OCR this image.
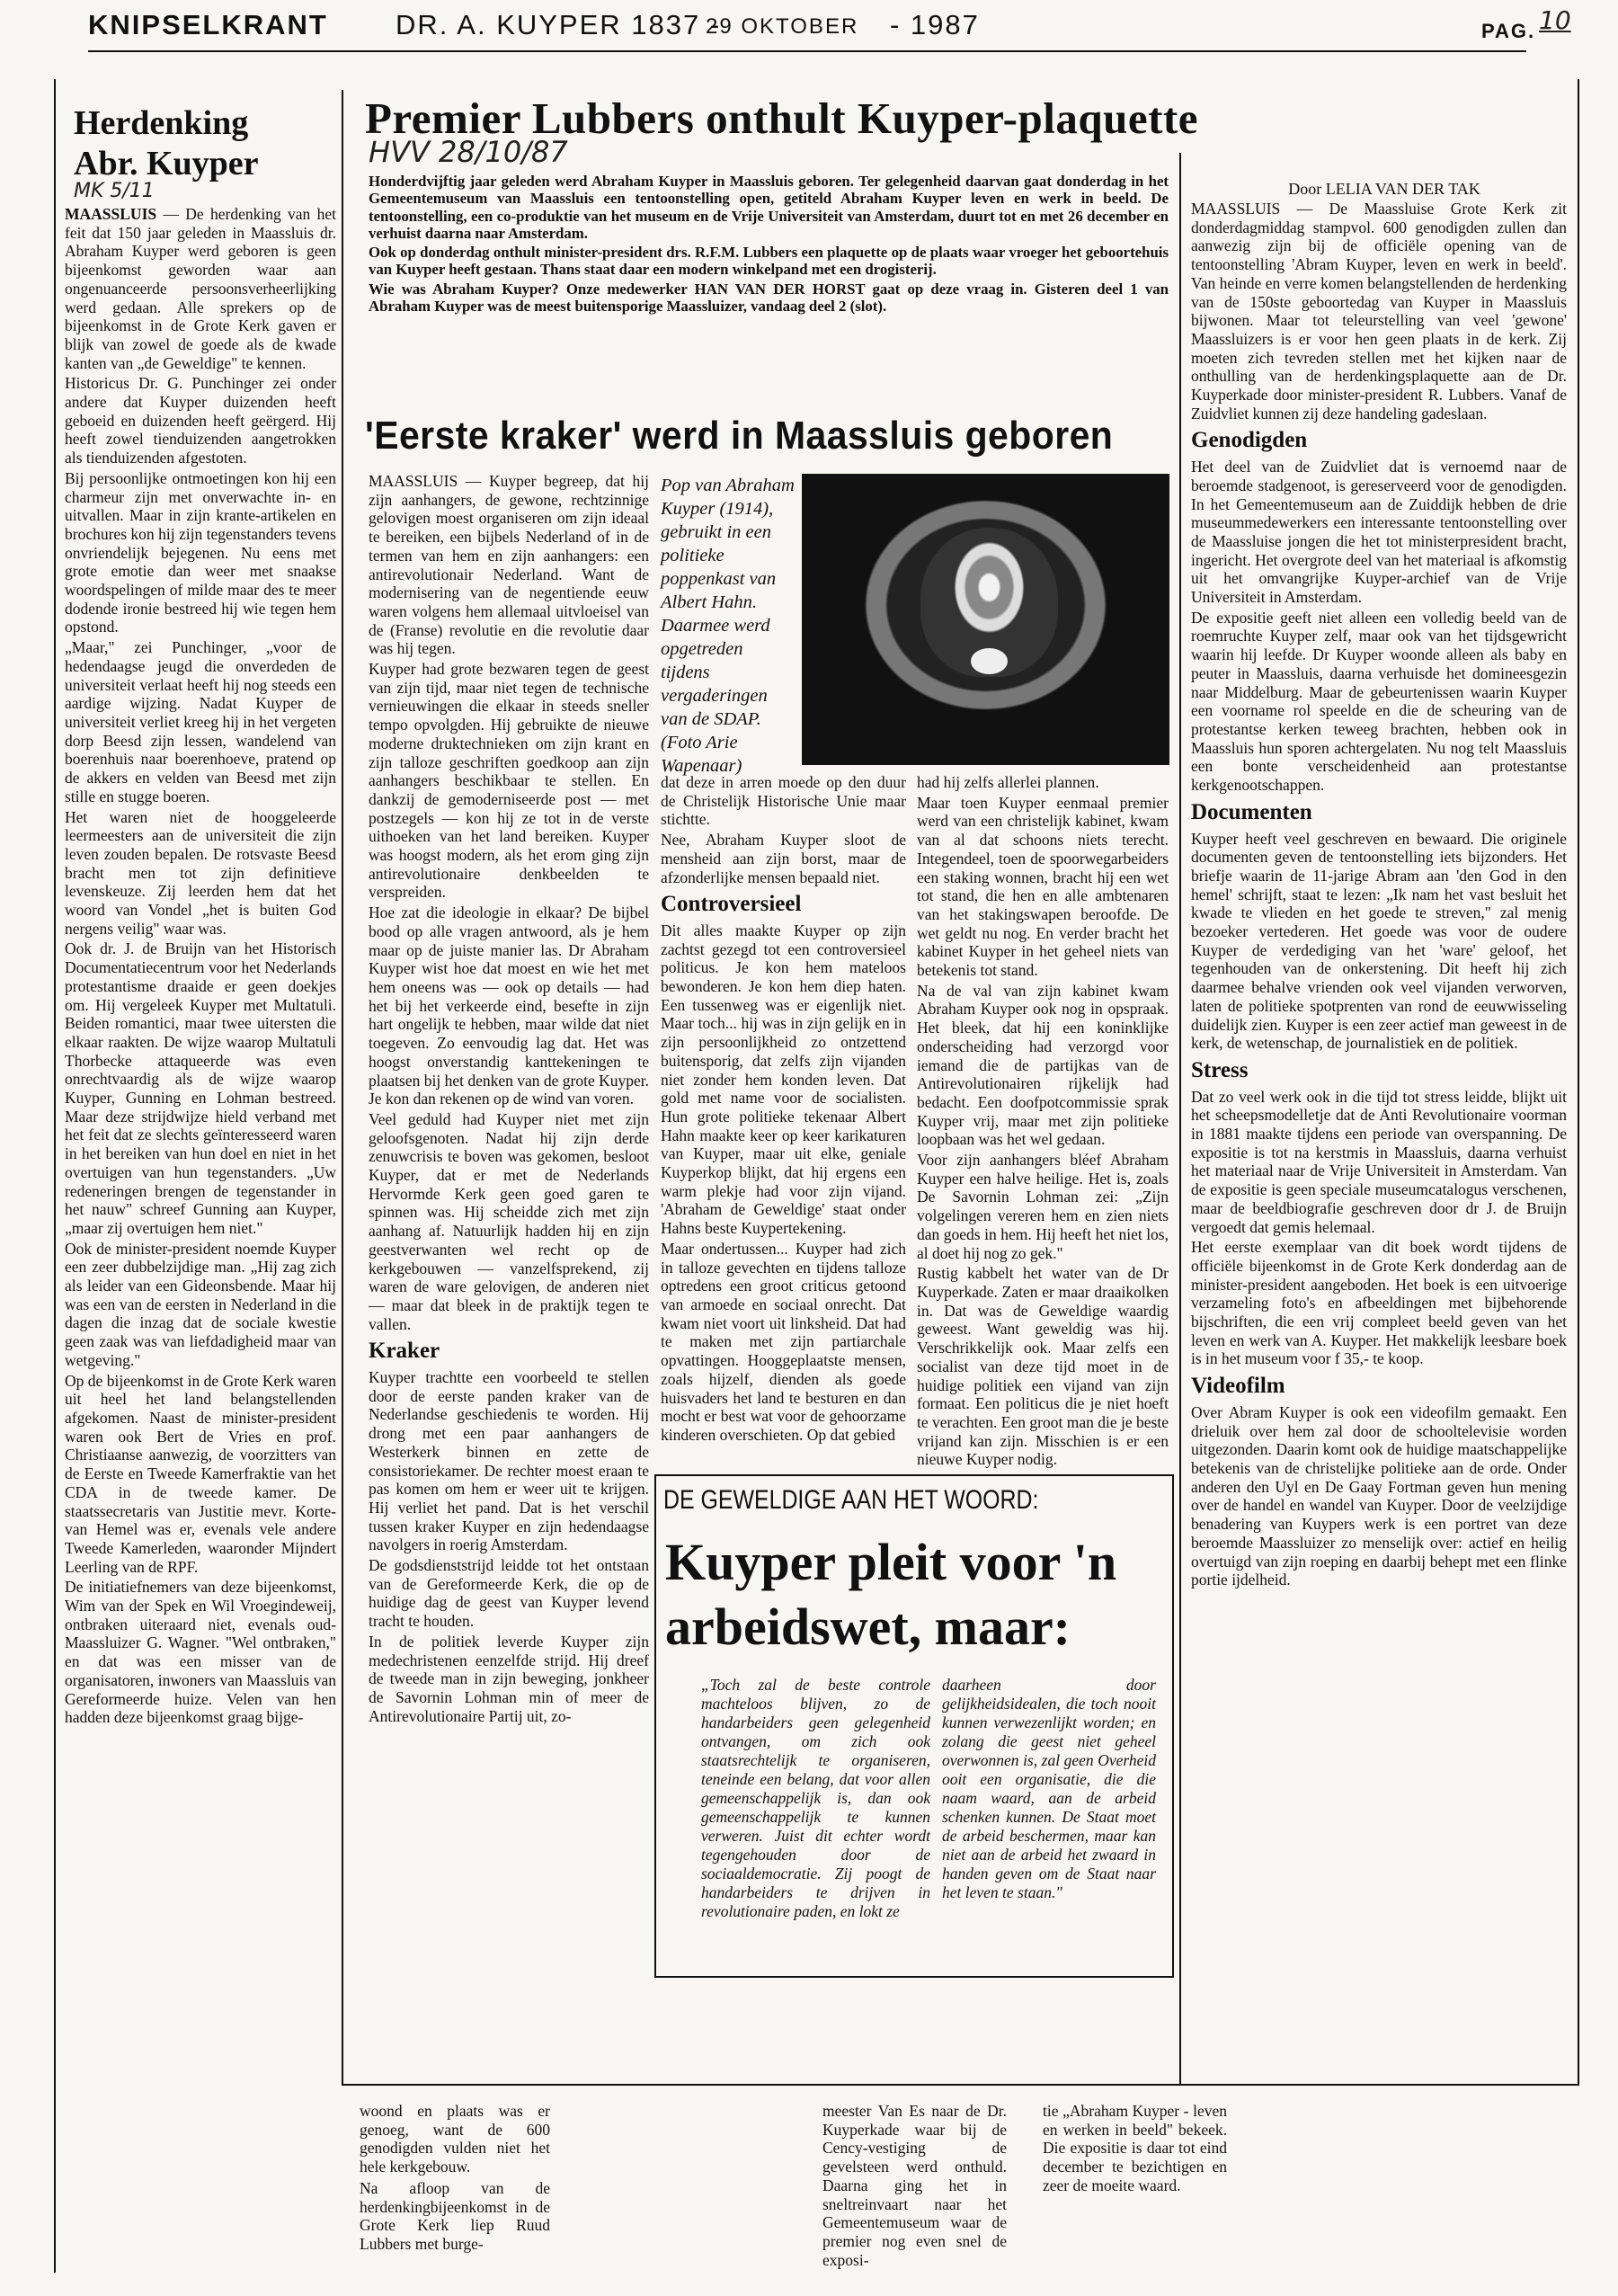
KNIPSELKRANT DR. A. KUYPER 1837 -
29 OKTOBER - 1987	PAG. 10
Herdenking
Abr. Kuyper
MK 5/11

MAASSLUIS — De herdenking van het feit dat 150 jaar geleden in Maassluis dr. Abraham Kuyper werd geboren is geen bijeenkomst geworden waar aan ongenuanceerde persoonsverheerlijking werd gedaan. Alle sprekers op de bijeenkomst in de Grote Kerk gaven er blijk van zowel de goede als de kwade kanten van „de Geweldige" te kennen.

Historicus Dr. G. Punchinger zei onder andere dat Kuyper duizenden heeft geboeid en duizenden heeft geërgerd. Hij heeft zowel tienduizenden aangetrokken als tienduizenden afgestoten.

Bij persoonlijke ontmoetingen kon hij een charmeur zijn met onverwachte in- en uitvallen. Maar in zijn krante-artikelen en brochures kon hij zijn tegenstanders tevens onvriendelijk bejegenen. Nu eens met grote emotie dan weer met snaakse woordspelingen of milde maar des te meer dodende ironie bestreed hij wie tegen hem opstond.

„Maar," zei Punchinger, „voor de hedendaagse jeugd die onverdeden de universiteit verlaat heeft hij nog steeds een aardige wijzing. Nadat Kuyper de universiteit verliet kreeg hij in het vergeten dorp Beesd zijn lessen, wandelend van boerenhuis naar boerenhoeve, pratend op de akkers en velden van Beesd met zijn stille en stugge boeren.

Het waren niet de hooggeleerde leermeesters aan de universiteit die zijn leven zouden bepalen. De rotsvaste Beesd bracht men tot zijn definitieve levenskeuze. Zij leerden hem dat het woord van Vondel „het is buiten God nergens veilig" waar was.

Ook dr. J. de Bruijn van het Historisch Documentatiecentrum voor het Nederlands protestantisme draaide er geen doekjes om. Hij vergeleek Kuyper met Multatuli. Beiden romantici, maar twee uitersten die elkaar raakten. De wijze waarop Multatuli Thorbecke attaqueerde was even onrechtvaardig als de wijze waarop Kuyper, Gunning en Lohman bestreed. Maar deze strijdwijze hield verband met het feit dat ze slechts geïnteresseerd waren in het bereiken van hun doel en niet in het overtuigen van hun tegenstanders. „Uw redeneringen brengen de tegenstander in het nauw" schreef Gunning aan Kuyper, „maar zij overtuigen hem niet."

Ook de minister-president noemde Kuyper een zeer dubbelzijdige man. „Hij zag zich als leider van een Gideonsbende. Maar hij was een van de eersten in Nederland in die dagen die inzag dat de sociale kwestie geen zaak was van liefdadigheid maar van wetgeving."

Op de bijeenkomst in de Grote Kerk waren uit heel het land belangstellenden afgekomen. Naast de minister-president waren ook Bert de Vries en prof. Christiaanse aanwezig, de voorzitters van de Eerste en Tweede Kamerfraktie van het CDA in de tweede kamer. De staatssecretaris van Justitie mevr. Korte-van Hemel was er, evenals vele andere Tweede Kamerleden, waaronder Mijndert Leerling van de RPF.

De initiatiefnemers van deze bijeenkomst, Wim van der Spek en Wil Vroegindeweij, ontbraken uiteraard niet, evenals oud-Maassluizer G. Wagner. "Wel ontbraken," en dat was een misser van de organisatoren, inwoners van Maassluis van Gereformeerde huize. Velen van hen hadden deze bijeenkomst graag bijge-

Premier Lubbers onthult Kuyper-plaquette
HVV 28/10/87

Honderdvijftig jaar geleden werd Abraham Kuyper in Maassluis geboren. Ter gelegenheid daarvan gaat donderdag in het Gemeentemuseum van Maassluis een tentoonstelling open, getiteld Abraham Kuyper leven en werk in beeld. De tentoonstelling, een co-produktie van het museum en de Vrije Universiteit van Amsterdam, duurt tot en met 26 december en verhuist daarna naar Amsterdam.

Ook op donderdag onthult minister-president drs. R.F.M. Lubbers een plaquette op de plaats waar vroeger het geboortehuis van Kuyper heeft gestaan. Thans staat daar een modern winkelpand met een drogisterij.

Wie was Abraham Kuyper? Onze medewerker HAN VAN DER HORST gaat op deze vraag in. Gisteren deel 1 van Abraham Kuyper was de meest buitensporige Maassluizer, vandaag deel 2 (slot).

'Eerste kraker' werd in Maassluis geboren

MAASSLUIS — Kuyper begreep, dat hij zijn aanhangers, de gewone, rechtzinnige gelovigen moest organiseren om zijn ideaal te bereiken, een bijbels Nederland of in de termen van hem en zijn aanhangers: een antirevolutionair Nederland. Want de modernisering van de negentiende eeuw waren volgens hem allemaal uitvloeisel van de (Franse) revolutie en die revolutie daar was hij tegen.

Kuyper had grote bezwaren tegen de geest van zijn tijd, maar niet tegen de technische vernieuwingen die elkaar in steeds sneller tempo opvolgden. Hij gebruikte de nieuwe moderne druktechnieken om zijn krant en zijn talloze geschriften goedkoop aan zijn aanhangers beschikbaar te stellen. En dankzij de gemoderniseerde post — met postzegels — kon hij ze tot in de verste uithoeken van het land bereiken. Kuyper was hoogst modern, als het erom ging zijn antirevolutionaire denkbeelden te verspreiden.

Hoe zat die ideologie in elkaar? De bijbel bood op alle vragen antwoord, als je hem maar op de juiste manier las. Dr Abraham Kuyper wist hoe dat moest en wie het met hem oneens was — ook op details — had het bij het verkeerde eind, besefte in zijn hart ongelijk te hebben, maar wilde dat niet toegeven. Zo eenvoudig lag dat. Het was hoogst onverstandig kanttekeningen te plaatsen bij het denken van de grote Kuyper. Je kon dan rekenen op de wind van voren.

Veel geduld had Kuyper niet met zijn geloofsgenoten. Nadat hij zijn derde zenuwcrisis te boven was gekomen, besloot Kuyper, dat er met de Nederlands Hervormde Kerk geen goed garen te spinnen was. Hij scheidde zich met zijn aanhang af. Natuurlijk hadden hij en zijn geestverwanten wel recht op de kerkgebouwen — vanzelfsprekend, zij waren de ware gelovigen, de anderen niet — maar dat bleek in de praktijk tegen te vallen.

Kraker

Kuyper trachtte een voorbeeld te stellen door de eerste panden kraker van de Nederlandse geschiedenis te worden. Hij drong met een paar aanhangers de Westerkerk binnen en zette de consistoriekamer. De rechter moest eraan te pas komen om hem er weer uit te krijgen. Hij verliet het pand. Dat is het verschil tussen kraker Kuyper en zijn hedendaagse navolgers in roerig Amsterdam.

De godsdienststrijd leidde tot het ontstaan van de Gereformeerde Kerk, die op de huidige dag de geest van Kuyper levend tracht te houden.

In de politiek leverde Kuyper zijn medechristenen eenzelfde strijd. Hij dreef de tweede man in zijn beweging, jonkheer de Savornin Lohman min of meer de Antirevolutionaire Partij uit, zo-

Pop van Abraham Kuyper (1914), gebruikt in een politieke poppenkast van Albert Hahn. Daarmee werd opgetreden tijdens vergaderingen van de SDAP. (Foto Arie Wapenaar)

dat deze in arren moede op den duur de Christelijk Historische Unie maar stichtte.

Nee, Abraham Kuyper sloot de mensheid aan zijn borst, maar de afzonderlijke mensen bepaald niet.

Controversieel

Dit alles maakte Kuyper op zijn zachtst gezegd tot een controversieel politicus. Je kon hem mateloos bewonderen. Je kon hem diep haten. Een tussenweg was er eigenlijk niet. Maar toch... hij was in zijn gelijk en in zijn persoonlijkheid zo ontzettend buitensporig, dat zelfs zijn vijanden niet zonder hem konden leven. Dat gold met name voor de socialisten. Hun grote politieke tekenaar Albert Hahn maakte keer op keer karikaturen van Kuyper, maar uit elke, geniale Kuyperkop blijkt, dat hij ergens een warm plekje had voor zijn vijand. 'Abraham de Geweldige' staat onder Hahns beste Kuypertekening.

Maar ondertussen... Kuyper had zich in talloze gevechten en tijdens talloze optredens een groot criticus getoond van armoede en sociaal onrecht. Dat kwam niet voort uit linksheid. Dat had te maken met zijn partiarchale opvattingen. Hooggeplaatste mensen, zoals hijzelf, dienden als goede huisvaders het land te besturen en dan mocht er best wat voor de gehoorzame kinderen overschieten. Op dat gebied

had hij zelfs allerlei plannen.

Maar toen Kuyper eenmaal premier werd van een christelijk kabinet, kwam van al dat schoons niets terecht. Integendeel, toen de spoorwegarbeiders een staking wonnen, bracht hij een wet tot stand, die hen en alle ambtenaren van het stakingswapen beroofde. De wet geldt nu nog. En verder bracht het kabinet Kuyper in het geheel niets van betekenis tot stand.

Na de val van zijn kabinet kwam Abraham Kuyper ook nog in opspraak. Het bleek, dat hij een koninklijke onderscheiding had verzorgd voor iemand die de partijkas van de Antirevolutionairen rijkelijk had bedacht. Een doofpotcommissie sprak Kuyper vrij, maar met zijn politieke loopbaan was het wel gedaan.

Voor zijn aanhangers bléef Abraham Kuyper een halve heilige. Het is, zoals De Savornin Lohman zei: „Zijn volgelingen vereren hem en zien niets dan goeds in hem. Hij heeft het niet los, al doet hij nog zo gek."

Rustig kabbelt het water van de Dr Kuyperkade. Zaten er maar draaikolken in. Dat was de Geweldige waardig geweest. Want geweldig was hij. Verschrikkelijk ook. Maar zelfs een socialist van deze tijd moet in de huidige politiek een vijand van zijn formaat. Een politicus die je niet hoeft te verachten. Een groot man die je beste vrijand kan zijn. Misschien is er een nieuwe Kuyper nodig.

DE GEWELDIGE AAN HET WOORD:
Kuyper pleit voor 'n
arbeidswet, maar:
„Toch zal de beste controle machteloos blijven, zo de handarbeiders geen gelegenheid ontvangen, om zich ook staatsrechtelijk te organiseren, teneinde een belang, dat voor allen gemeenschappelijk is, dan ook gemeenschappelijk te kunnen verweren. Juist dit echter wordt tegengehouden door de sociaaldemocratie. Zij poogt de handarbeiders te drijven in revolutionaire paden, en lokt ze
daarheen door gelijkheidsidealen, die toch nooit kunnen verwezenlijkt worden; en zolang die geest niet geheel overwonnen is, zal geen Overheid ooit een organisatie, die die naam waard, aan de arbeid schenken kunnen. De Staat moet de arbeid beschermen, maar kan niet aan de arbeid het zwaard in handen geven om de Staat naar het leven te staan."
Door LELIA VAN DER TAK

MAASSLUIS — De Maassluise Grote Kerk zit donderdagmiddag stampvol. 600 genodigden zullen dan aanwezig zijn bij de officiële opening van de tentoonstelling 'Abram Kuyper, leven en werk in beeld'. Van heinde en verre komen belangstellenden de herdenking van de 150ste geboortedag van Kuyper in Maassluis bijwonen. Maar tot teleurstelling van veel 'gewone' Maassluizers is er voor hen geen plaats in de kerk. Zij moeten zich tevreden stellen met het kijken naar de onthulling van de herdenkingsplaquette aan de Dr. Kuyperkade door minister-president R. Lubbers. Vanaf de Zuidvliet kunnen zij deze handeling gadeslaan.

Genodigden

Het deel van de Zuidvliet dat is vernoemd naar de beroemde stadgenoot, is gereserveerd voor de genodigden. In het Gemeentemuseum aan de Zuiddijk hebben de drie museummedewerkers een interessante tentoonstelling over de Maassluise jongen die het tot ministerpresident bracht, ingericht. Het overgrote deel van het materiaal is afkomstig uit het omvangrijke Kuyper-archief van de Vrije Universiteit in Amsterdam.

De expositie geeft niet alleen een volledig beeld van de roemruchte Kuyper zelf, maar ook van het tijdsgewricht waarin hij leefde. Dr Kuyper woonde alleen als baby en peuter in Maassluis, daarna verhuisde het domineesgezin naar Middelburg. Maar de gebeurtenissen waarin Kuyper een voorname rol speelde en die de scheuring van de protestantse kerken teweeg brachten, hebben ook in Maassluis hun sporen achtergelaten. Nu nog telt Maassluis een bonte verscheidenheid aan protestantse kerkgenootschappen.

Documenten

Kuyper heeft veel geschreven en bewaard. Die originele documenten geven de tentoonstelling iets bijzonders. Het briefje waarin de 11-jarige Abram aan 'den God in den hemel' schrijft, staat te lezen: „Ik nam het vast besluit het kwade te vlieden en het goede te streven," zal menig bezoeker vertederen. Het goede was voor de oudere Kuyper de verdediging van het 'ware' geloof, het tegenhouden van de onkerstening. Dit heeft hij zich daarmee behalve vrienden ook veel vijanden verworven, laten de politieke spotprenten van rond de eeuwwisseling duidelijk zien. Kuyper is een zeer actief man geweest in de kerk, de wetenschap, de journalistiek en de politiek.

Stress

Dat zo veel werk ook in die tijd tot stress leidde, blijkt uit het scheepsmodelletje dat de Anti Revolutionaire voorman in 1881 maakte tijdens een periode van overspanning. De expositie is tot na kerstmis in Maassluis, daarna verhuist het materiaal naar de Vrije Universiteit in Amsterdam. Van de expositie is geen speciale museumcatalogus verschenen, maar de beeldbiografie geschreven door dr J. de Bruijn vergoedt dat gemis helemaal.

Het eerste exemplaar van dit boek wordt tijdens de officiële bijeenkomst in de Grote Kerk donderdag aan de minister-president aangeboden. Het boek is een uitvoerige verzameling foto's en afbeeldingen met bijbehorende bijschriften, die een vrij compleet beeld geven van het leven en werk van A. Kuyper. Het makkelijk leesbare boek is in het museum voor f 35,- te koop.

Videofilm

Over Abram Kuyper is ook een videofilm gemaakt. Een drieluik over hem zal door de schooltelevisie worden uitgezonden. Daarin komt ook de huidige maatschappelijke betekenis van de christelijke politieke aan de orde. Onder anderen den Uyl en De Gaay Fortman geven hun mening over de handel en wandel van Kuyper. Door de veelzijdige benadering van Kuypers werk is een portret van deze beroemde Maassluizer zo menselijk over: actief en heilig overtuigd van zijn roeping en daarbij behept met een flinke portie ijdelheid.

woond en plaats was er genoeg, want de 600 genodigden vulden niet het hele kerkgebouw.
Na afloop van de herdenkingbijeenkomst in de Grote Kerk liep Ruud Lubbers met burge-
meester Van Es naar de Dr. Kuyperkade waar bij de Cency-vestiging de gevelsteen werd onthuld. Daarna ging het in sneltreinvaart naar het Gemeentemuseum waar de premier nog even snel de exposi-
tie „Abraham Kuyper - leven en werken in beeld" bekeek. Die expositie is daar tot eind december te bezichtigen en zeer de moeite waard.
